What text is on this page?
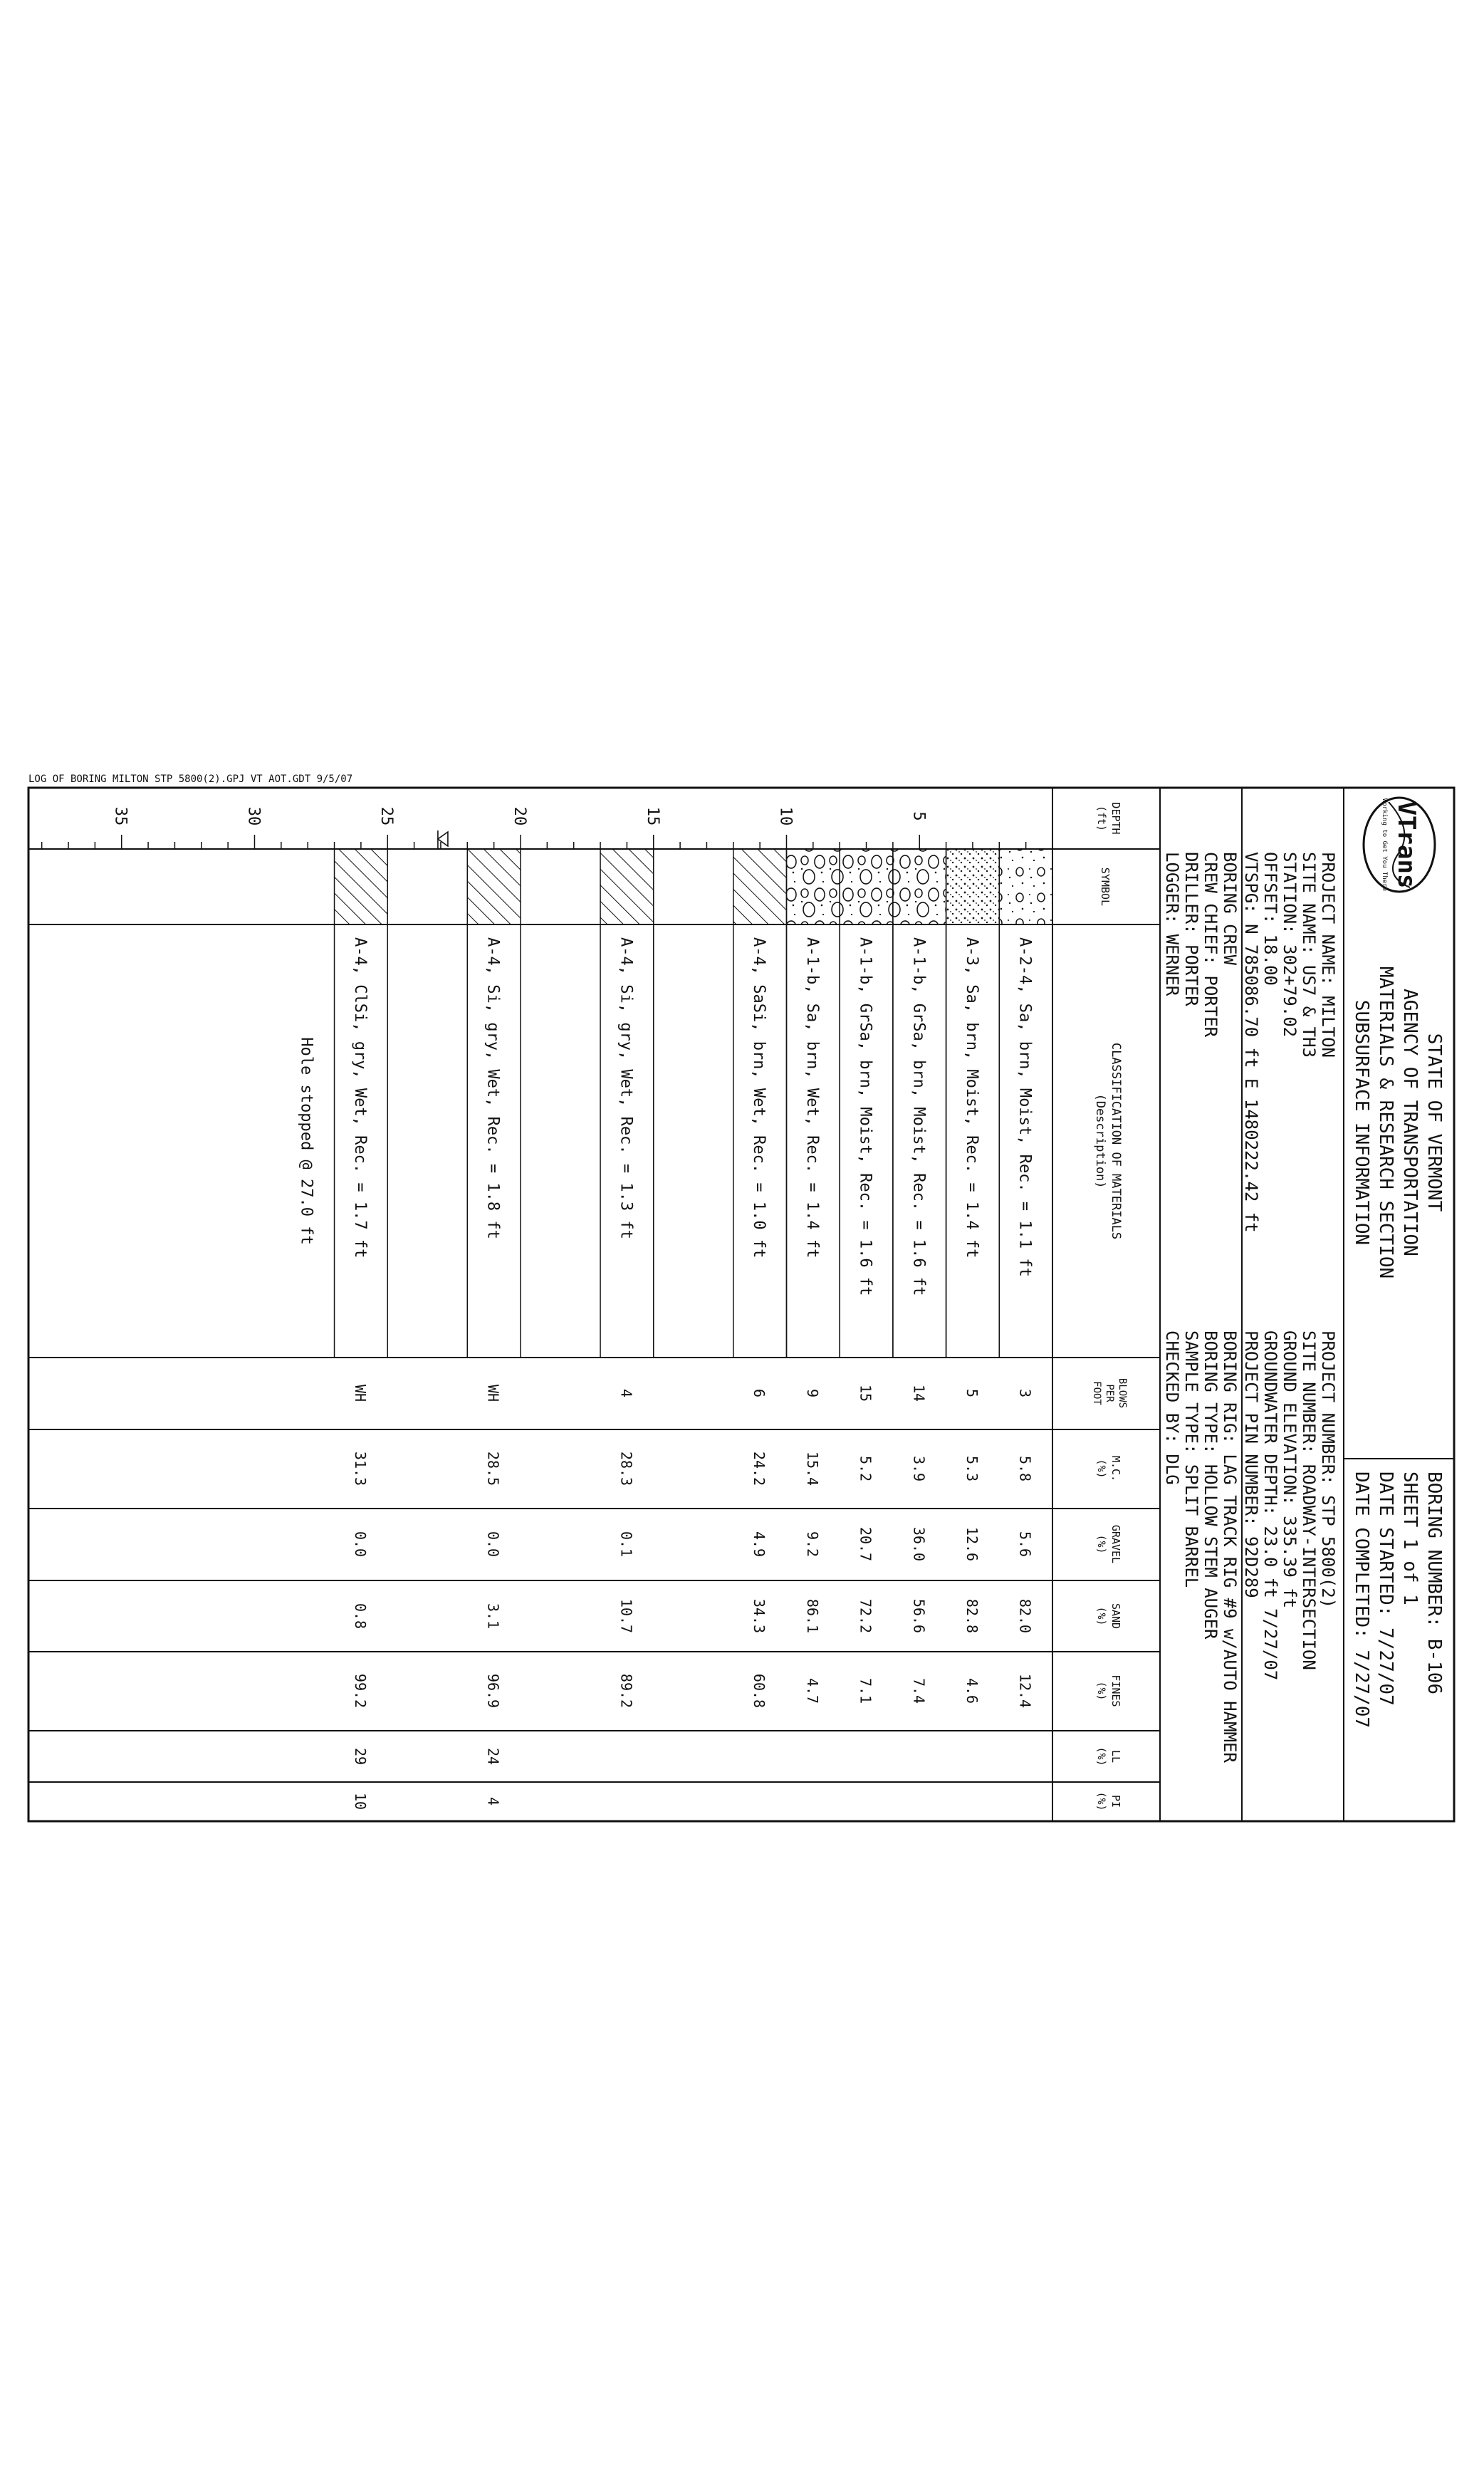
LOG OF BORING MILTON STP 5800(2).GPJ VT AOT.GDT 9/5/07
VTrans
Working to Get You There
STATE OF VERMONT
AGENCY OF TRANSPORTATION
MATERIALS & RESEARCH SECTION
SUBSURFACE INFORMATION
BORING NUMBER: B-106
SHEET 1 of 1
DATE STARTED: 7/27/07
DATE COMPLETED: 7/27/07
PROJECT NAME: MILTON
SITE NAME: US7 & TH3
STATION: 302+79.02
OFFSET: 18.00
VTSPG: N 785086.70 ft E 1480222.42 ft
PROJECT NUMBER: STP 5800(2)
SITE NUMBER: ROADWAY-INTERSECTION
GROUND ELEVATION: 335.39 ft
GROUNDWATER DEPTH: 23.0 ft 7/27/07
PROJECT PIN NUMBER: 92D289
BORING CREW
CREW CHIEF: PORTER
DRILLER: PORTER
LOGGER: WERNER
BORING RIG: LAG TRACK RIG #9 w/AUTO HAMMER
BORING TYPE: HOLLOW STEM AUGER
SAMPLE TYPE: SPLIT BARREL
CHECKED BY: DLG
DEPTH
(ft)
SYMBOL
CLASSIFICATION OF MATERIALS
(Description)
BLOWS
PER
FOOT
M.C.
(%)
GRAVEL
(%)
SAND
(%)
FINES
(%)
LL
(%)
PI
(%)
5
10
15
20
25
30
35
A-2-4, Sa, brn, Moist, Rec. = 1.1 ft
3
5.8
5.6
82.0
12.4
A-3, Sa, brn, Moist, Rec. = 1.4 ft
5
5.3
12.6
82.8
4.6
A-1-b, GrSa, brn, Moist, Rec. = 1.6 ft
14
3.9
36.0
56.6
7.4
A-1-b, GrSa, brn, Moist, Rec. = 1.6 ft
15
5.2
20.7
72.2
7.1
A-1-b, Sa, brn, Wet, Rec. = 1.4 ft
9
15.4
9.2
86.1
4.7
A-4, SaSi, brn, Wet, Rec. = 1.0 ft
6
24.2
4.9
34.3
60.8
A-4, Si, gry, Wet, Rec. = 1.3 ft
4
28.3
0.1
10.7
89.2
A-4, Si, gry, Wet, Rec. = 1.8 ft
WH
28.5
0.0
3.1
96.9
24
4
A-4, ClSi, gry, Wet, Rec. = 1.7 ft
WH
31.3
0.0
0.8
99.2
29
10
Hole stopped @ 27.0 ft
